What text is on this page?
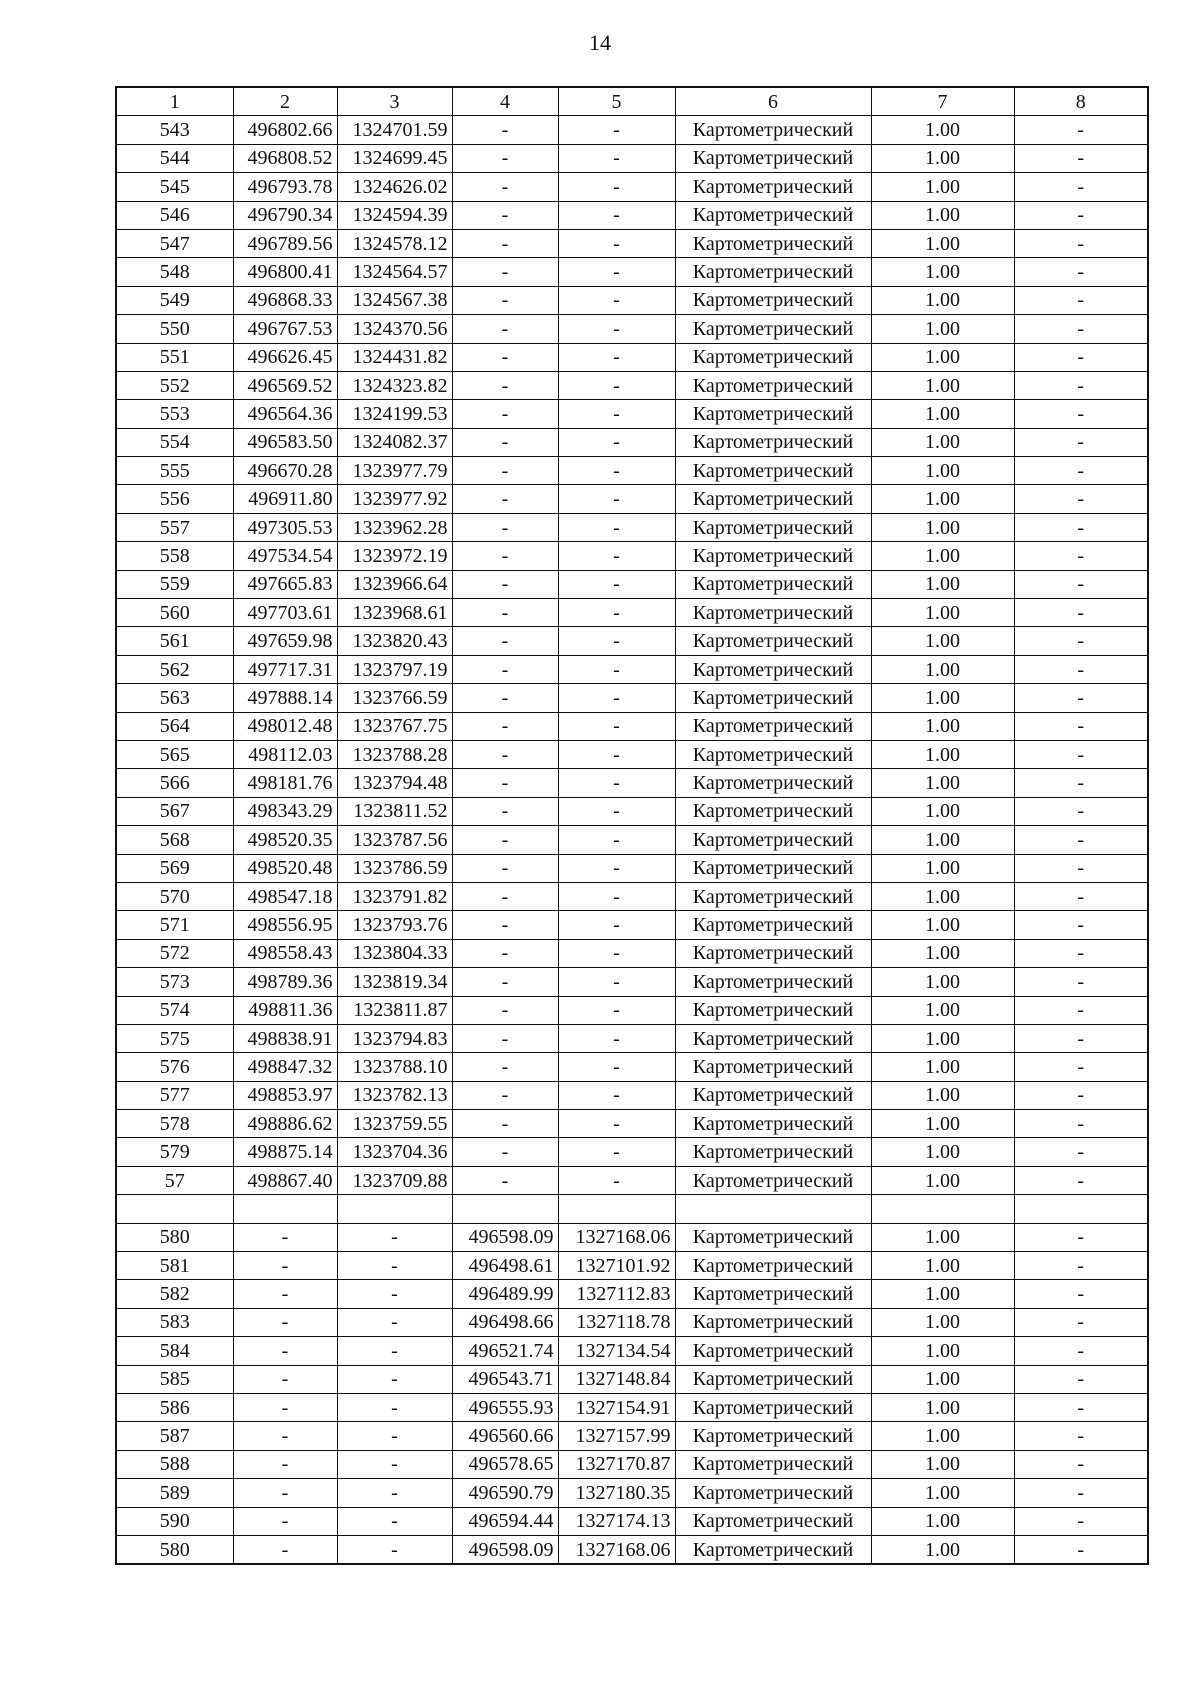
14
1	2	3	4	5	6	7	8
543	496802.66	1324701.59	-	-	Картометрический	1.00	-
544	496808.52	1324699.45	-	-	Картометрический	1.00	-
545	496793.78	1324626.02	-	-	Картометрический	1.00	-
546	496790.34	1324594.39	-	-	Картометрический	1.00	-
547	496789.56	1324578.12	-	-	Картометрический	1.00	-
548	496800.41	1324564.57	-	-	Картометрический	1.00	-
549	496868.33	1324567.38	-	-	Картометрический	1.00	-
550	496767.53	1324370.56	-	-	Картометрический	1.00	-
551	496626.45	1324431.82	-	-	Картометрический	1.00	-
552	496569.52	1324323.82	-	-	Картометрический	1.00	-
553	496564.36	1324199.53	-	-	Картометрический	1.00	-
554	496583.50	1324082.37	-	-	Картометрический	1.00	-
555	496670.28	1323977.79	-	-	Картометрический	1.00	-
556	496911.80	1323977.92	-	-	Картометрический	1.00	-
557	497305.53	1323962.28	-	-	Картометрический	1.00	-
558	497534.54	1323972.19	-	-	Картометрический	1.00	-
559	497665.83	1323966.64	-	-	Картометрический	1.00	-
560	497703.61	1323968.61	-	-	Картометрический	1.00	-
561	497659.98	1323820.43	-	-	Картометрический	1.00	-
562	497717.31	1323797.19	-	-	Картометрический	1.00	-
563	497888.14	1323766.59	-	-	Картометрический	1.00	-
564	498012.48	1323767.75	-	-	Картометрический	1.00	-
565	498112.03	1323788.28	-	-	Картометрический	1.00	-
566	498181.76	1323794.48	-	-	Картометрический	1.00	-
567	498343.29	1323811.52	-	-	Картометрический	1.00	-
568	498520.35	1323787.56	-	-	Картометрический	1.00	-
569	498520.48	1323786.59	-	-	Картометрический	1.00	-
570	498547.18	1323791.82	-	-	Картометрический	1.00	-
571	498556.95	1323793.76	-	-	Картометрический	1.00	-
572	498558.43	1323804.33	-	-	Картометрический	1.00	-
573	498789.36	1323819.34	-	-	Картометрический	1.00	-
574	498811.36	1323811.87	-	-	Картометрический	1.00	-
575	498838.91	1323794.83	-	-	Картометрический	1.00	-
576	498847.32	1323788.10	-	-	Картометрический	1.00	-
577	498853.97	1323782.13	-	-	Картометрический	1.00	-
578	498886.62	1323759.55	-	-	Картометрический	1.00	-
579	498875.14	1323704.36	-	-	Картометрический	1.00	-
57	498867.40	1323709.88	-	-	Картометрический	1.00	-

580	-	-	496598.09	1327168.06	Картометрический	1.00	-
581	-	-	496498.61	1327101.92	Картометрический	1.00	-
582	-	-	496489.99	1327112.83	Картометрический	1.00	-
583	-	-	496498.66	1327118.78	Картометрический	1.00	-
584	-	-	496521.74	1327134.54	Картометрический	1.00	-
585	-	-	496543.71	1327148.84	Картометрический	1.00	-
586	-	-	496555.93	1327154.91	Картометрический	1.00	-
587	-	-	496560.66	1327157.99	Картометрический	1.00	-
588	-	-	496578.65	1327170.87	Картометрический	1.00	-
589	-	-	496590.79	1327180.35	Картометрический	1.00	-
590	-	-	496594.44	1327174.13	Картометрический	1.00	-
580	-	-	496598.09	1327168.06	Картометрический	1.00	-
